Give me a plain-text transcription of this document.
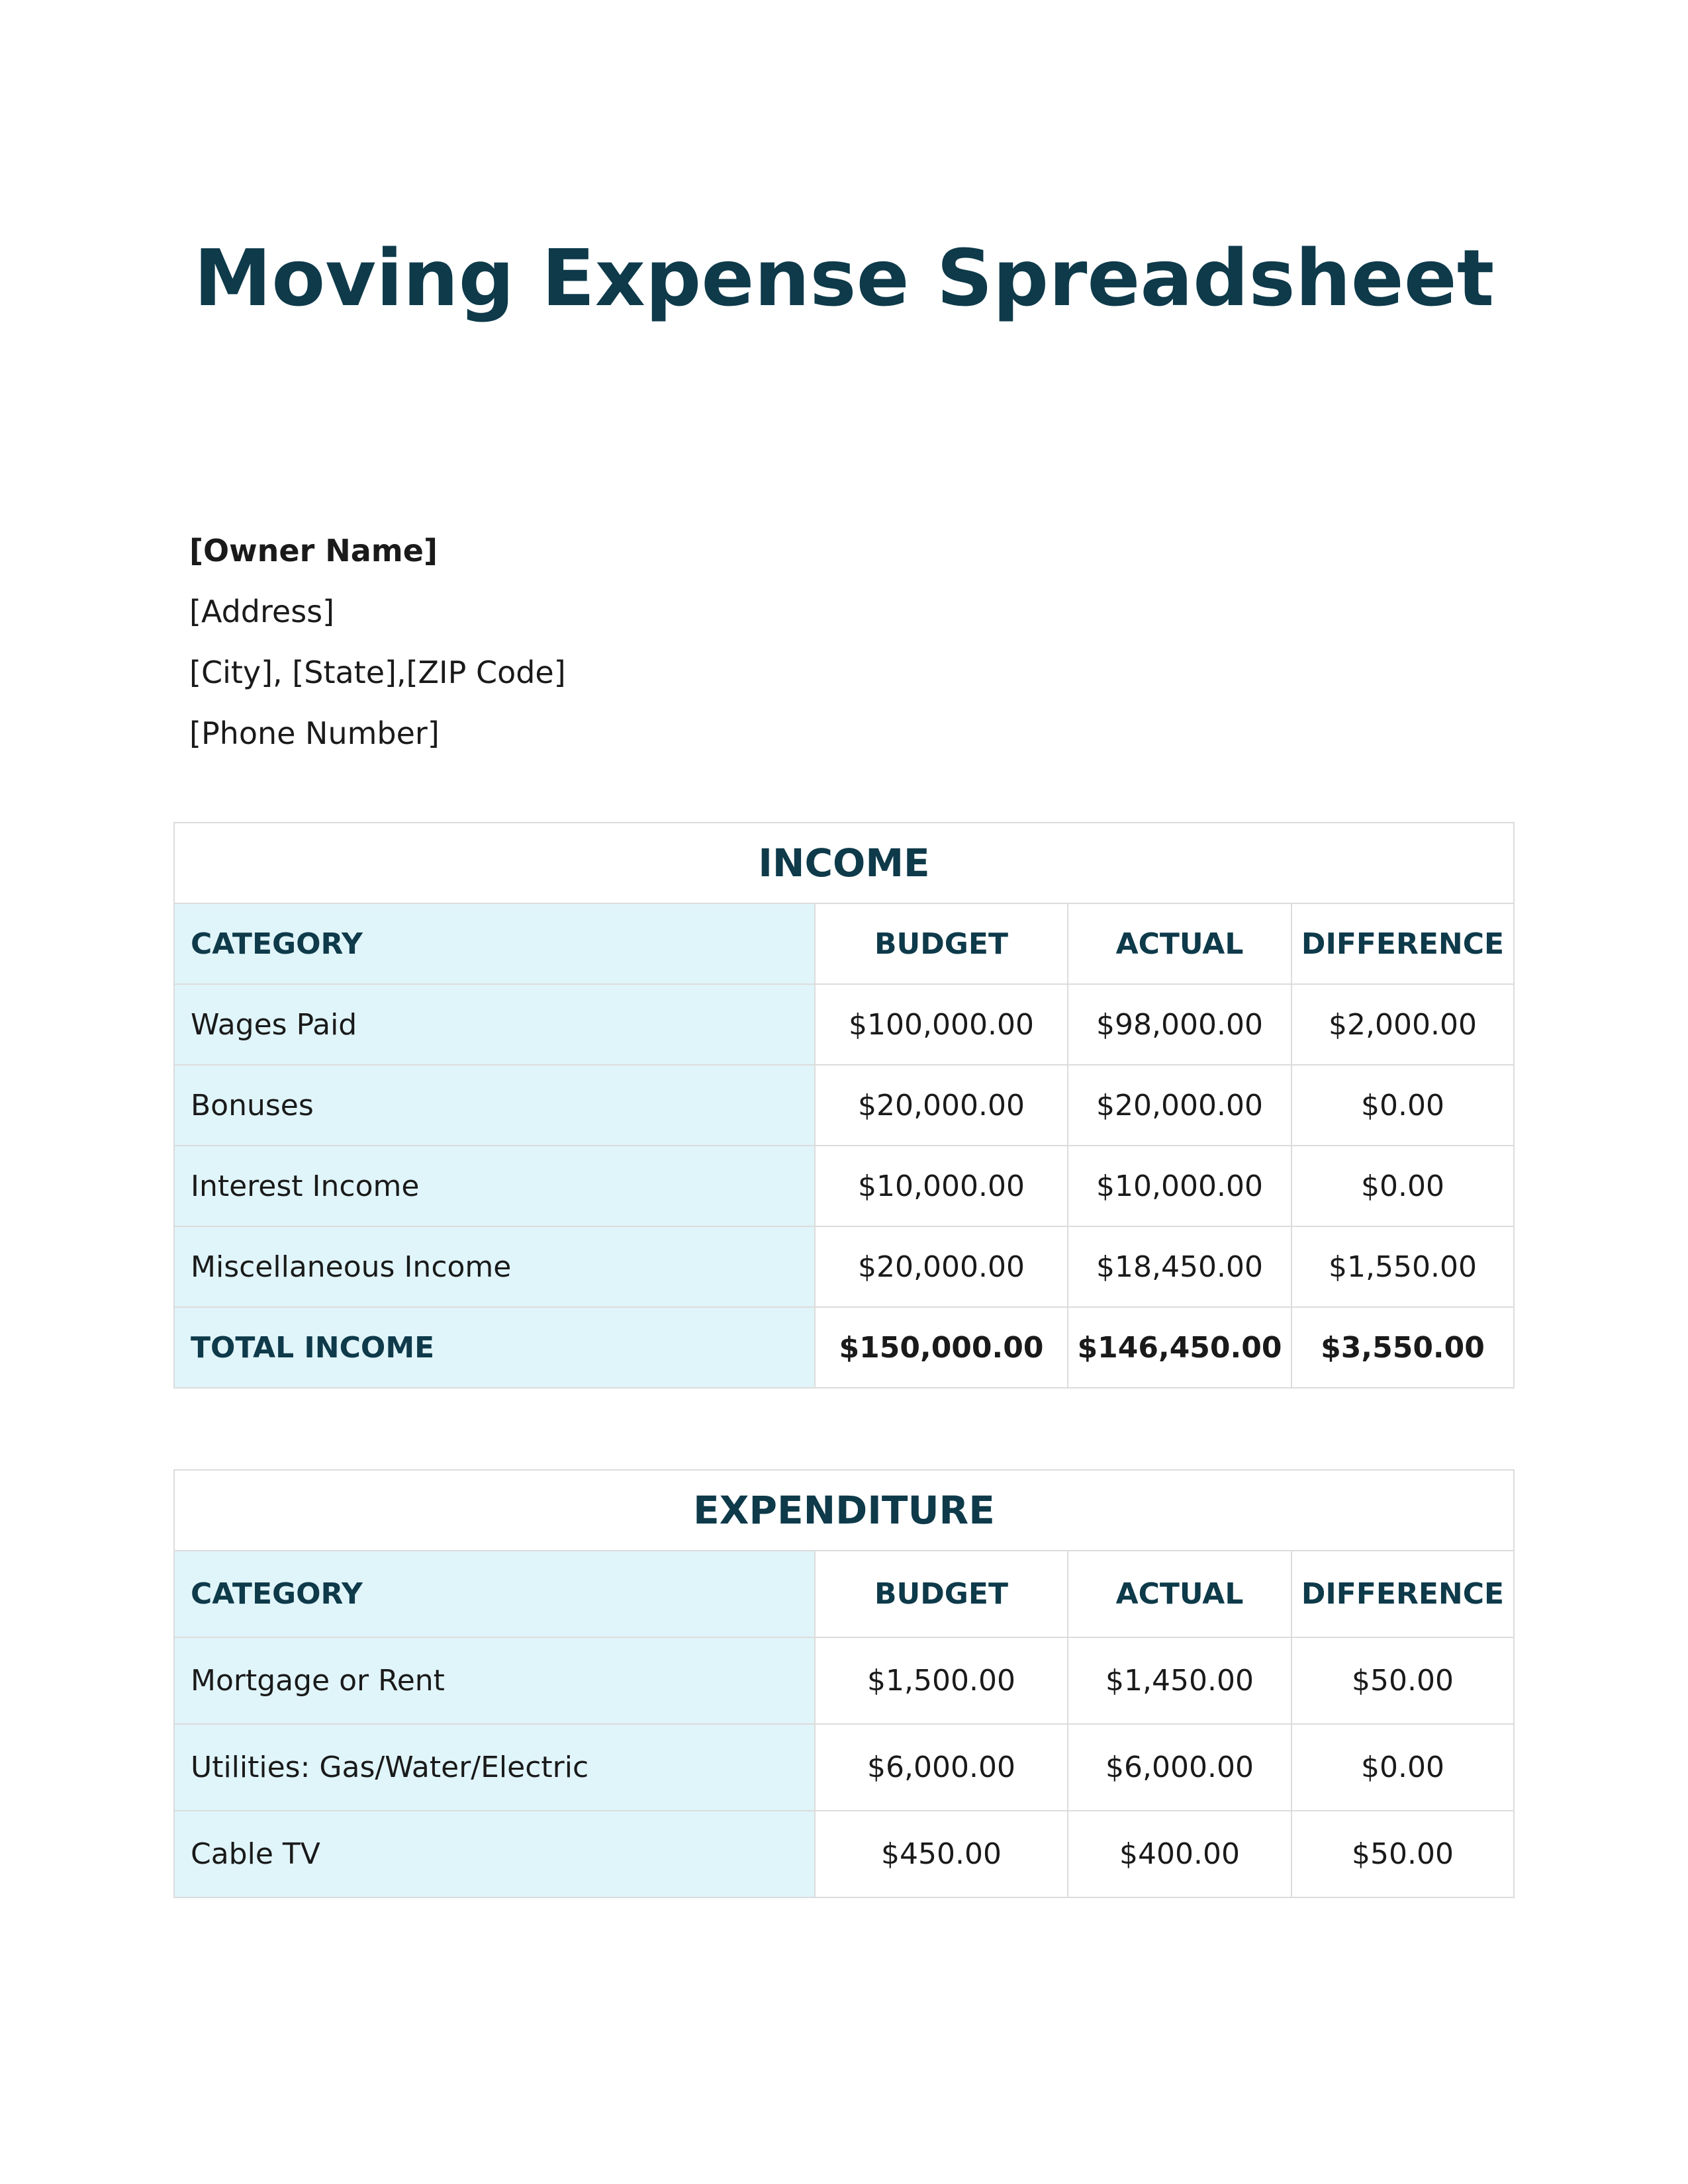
Moving Expense Spreadsheet
[Owner Name]
[Address]
[City], [State],[ZIP Code]
[Phone Number]
INCOME			
CATEGORY	BUDGET	ACTUAL	DIFFERENCE
Wages Paid	$100,000.00	$98,000.00	$2,000.00
Bonuses	$20,000.00	$20,000.00	$0.00
Interest Income	$10,000.00	$10,000.00	$0.00
Miscellaneous Income	$20,000.00	$18,450.00	$1,550.00
TOTAL INCOME	$150,000.00	$146,450.00	$3,550.00
EXPENDITURE			
CATEGORY	BUDGET	ACTUAL	DIFFERENCE
Mortgage or Rent	$1,500.00	$1,450.00	$50.00
Utilities: Gas/Water/Electric	$6,000.00	$6,000.00	$0.00
Cable TV	$450.00	$400.00	$50.00
